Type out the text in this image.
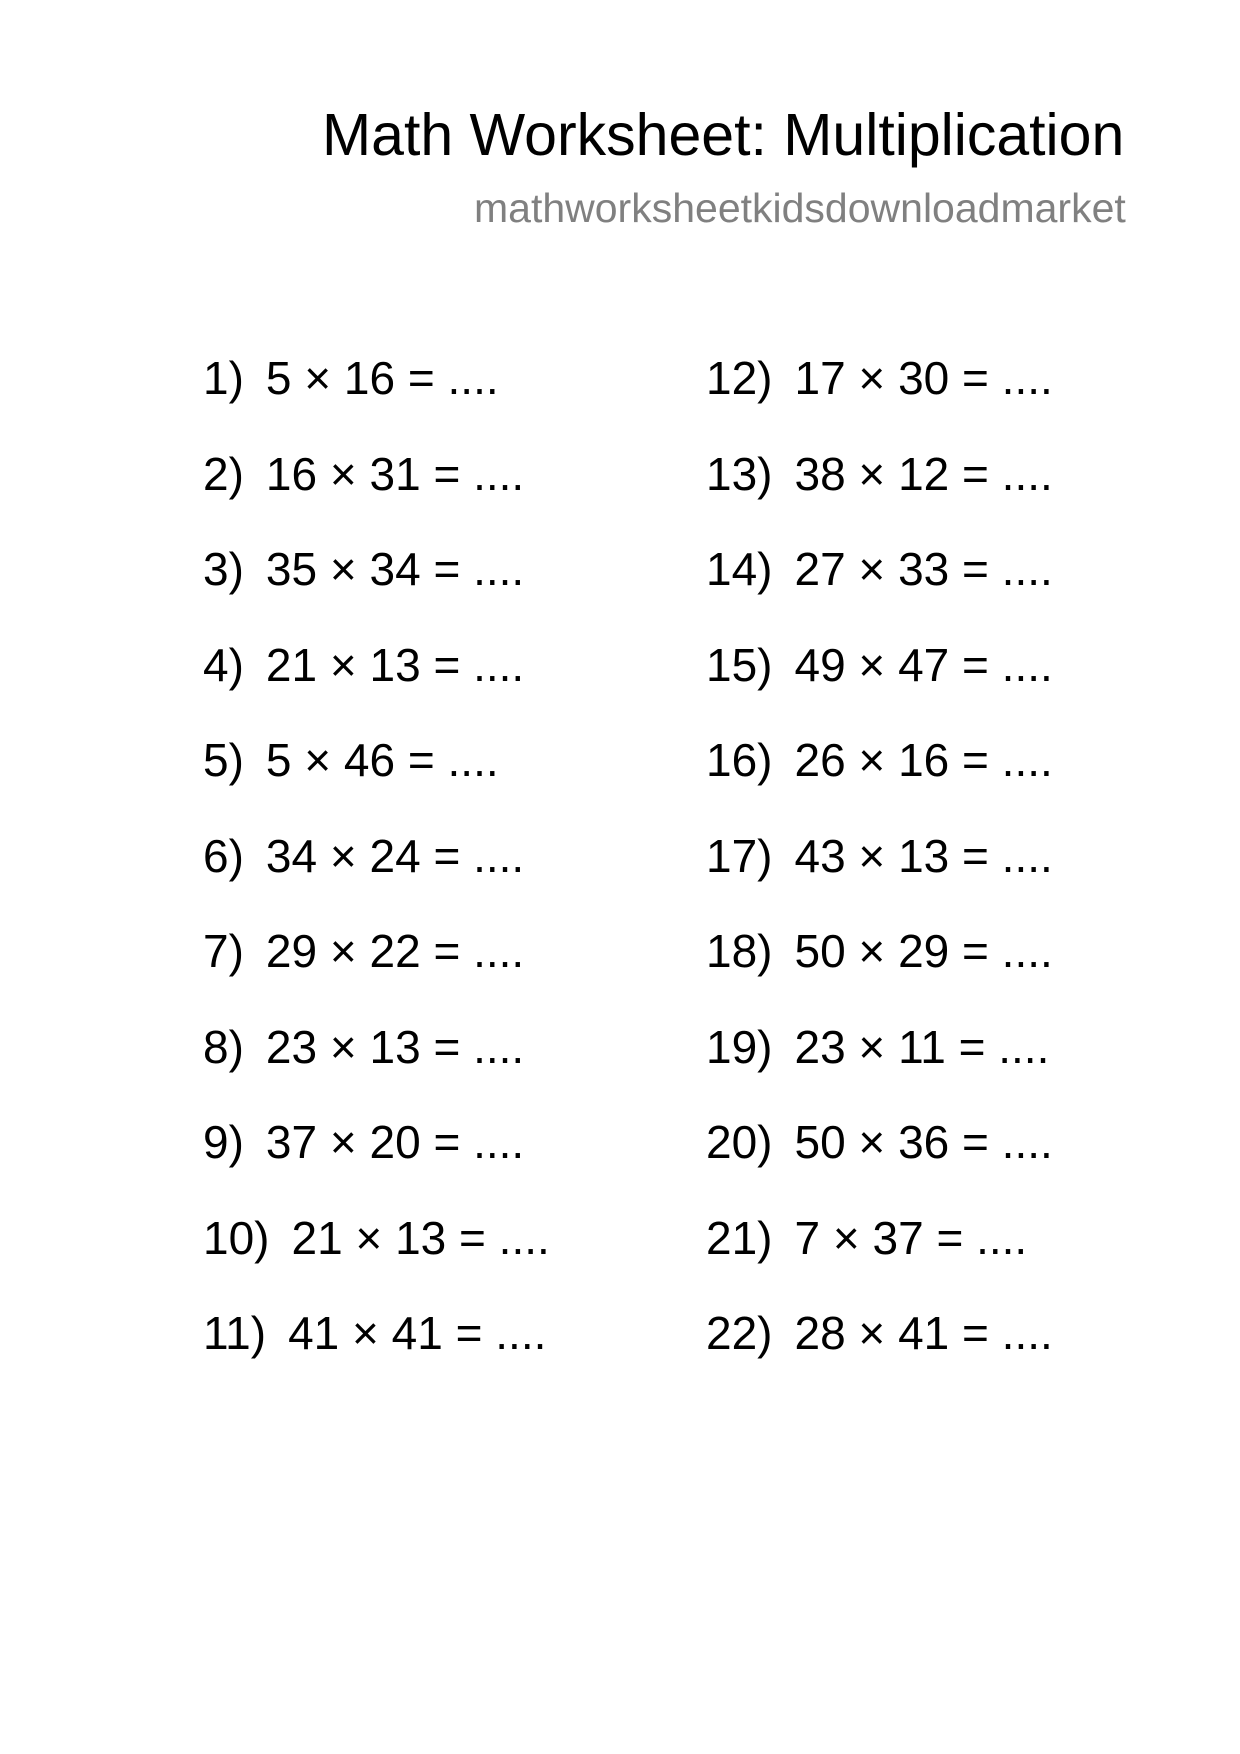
Math Worksheet: Multiplication
mathworksheetkidsdownloadmarket
1) 5 × 16 = ....
2) 16 × 31 = ....
3) 35 × 34 = ....
4) 21 × 13 = ....
5) 5 × 46 = ....
6) 34 × 24 = ....
7) 29 × 22 = ....
8) 23 × 13 = ....
9) 37 × 20 = ....
10) 21 × 13 = ....
11) 41 × 41 = ....
12) 17 × 30 = ....
13) 38 × 12 = ....
14) 27 × 33 = ....
15) 49 × 47 = ....
16) 26 × 16 = ....
17) 43 × 13 = ....
18) 50 × 29 = ....
19) 23 × 11 = ....
20) 50 × 36 = ....
21) 7 × 37 = ....
22) 28 × 41 = ....
